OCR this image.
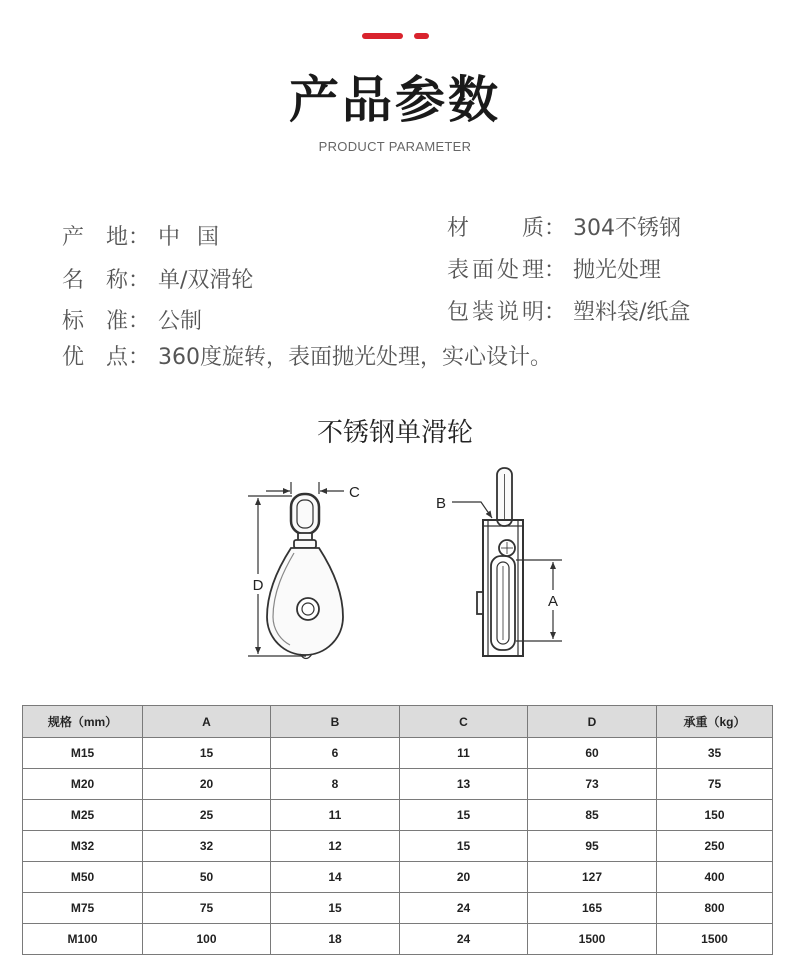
产品参数
PRODUCT PARAMETER
产 地： 中 国
名 称： 单/双滑轮
标 准： 公制
优 点： 360度旋转，表面抛光处理，实心设计。
材 质： 304不锈钢
表面处理： 抛光处理
包装说明： 塑料袋/纸盒
不锈钢单滑轮
C
D
B
A
规格（mm）	A	B	C	D	承重（kg）
M15	15	6	11	60	35
M20	20	8	13	73	75
M25	25	11	15	85	150
M32	32	12	15	95	250
M50	50	14	20	127	400
M75	75	15	24	165	800
M100	100	18	24	1500	1500
